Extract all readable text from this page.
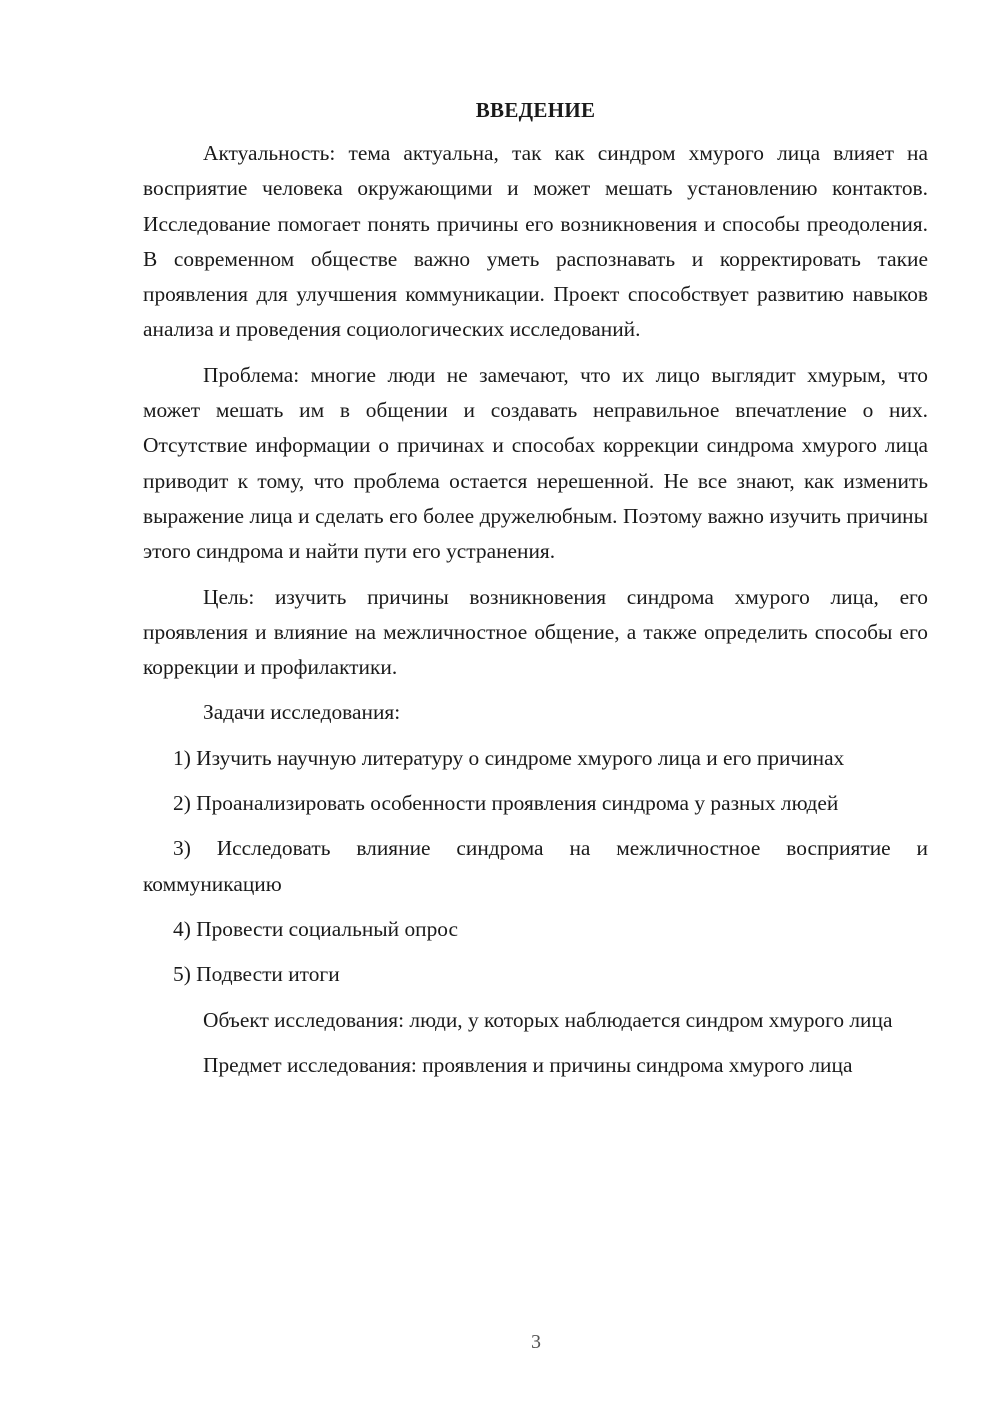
ВВЕДЕНИЕ

Актуальность: тема актуальна, так как синдром хмурого лица влияет на восприятие человека окружающими и может мешать установлению контактов. Исследование помогает понять причины его возникновения и способы преодоления. В современном обществе важно уметь распознавать и корректировать такие проявления для улучшения коммуникации. Проект способствует развитию навыков анализа и проведения социологических исследований.

Проблема: многие люди не замечают, что их лицо выглядит хмурым, что может мешать им в общении и создавать неправильное впечатление о них. Отсутствие информации о причинах и способах коррекции синдрома хмурого лица приводит к тому, что проблема остается нерешенной. Не все знают, как изменить выражение лица и сделать его более дружелюбным. Поэтому важно изучить причины этого синдрома и найти пути его устранения.

Цель: изучить причины возникновения синдрома хмурого лица, его проявления и влияние на межличностное общение, а также определить способы его коррекции и профилактики.

Задачи исследования:

1) Изучить научную литературу о синдроме хмурого лица и его причинах

2) Проанализировать особенности проявления синдрома у разных людей

3) Исследовать влияние синдрома на межличностное восприятие и коммуникацию

4) Провести социальный опрос

5) Подвести итоги

Объект исследования: люди, у которых наблюдается синдром хмурого лица

Предмет исследования: проявления и причины синдрома хмурого лица

3
